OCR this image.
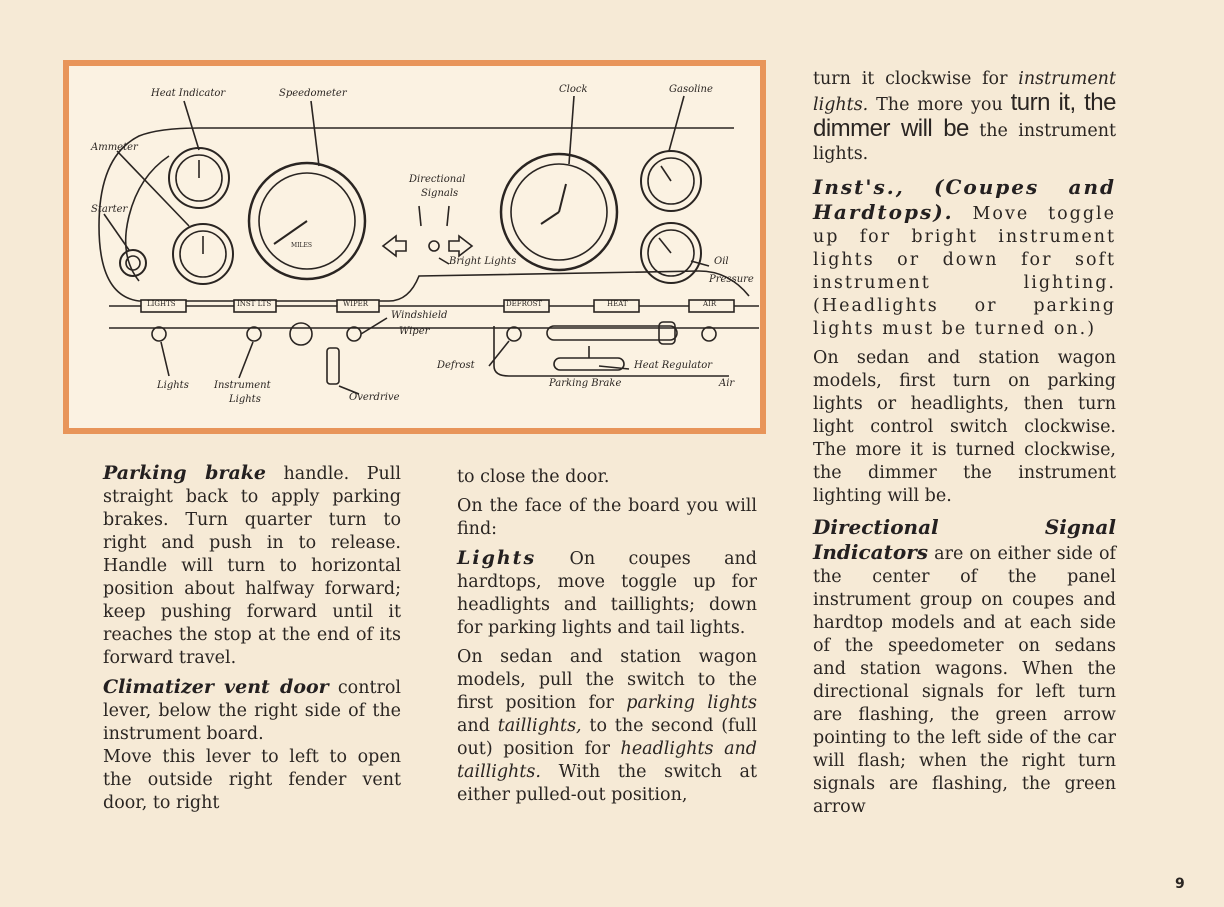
LIGHTS	INST LTS	WIPER	DEFROST	HEAT	AIR
MILES
Heat Indicator	Speedometer	Clock	Gasoline
Ammeter
Starter
Directional
Signals
Bright Lights	Oil
Pressure
Windshield
Wiper
Defrost	Heat Regulator
Parking Brake	Air
Lights	Instrument
Lights	Overdrive

Parking brake handle. Pull straight back to apply parking brakes. Turn quarter turn to right and push in to release. Handle will turn to horizontal position about halfway forward; keep pushing forward until it reaches the stop at the end of its forward travel.

Climatizer vent door control lever, below the right side of the instrument board.

Move this lever to left to open the outside right fender vent door, to right

to close the door.

On the face of the board you will find:

Lights On coupes and hardtops, move toggle up for headlights and taillights; down for parking lights and tail lights.

On sedan and station wagon models, pull the switch to the first position for parking lights and taillights, to the second (full out) position for headlights and taillights. With the switch at either pulled-out position,

turn it clockwise for instrument lights. The more you turn it, the dimmer will be the instrument lights.

Inst's., (Coupes and Hardtops). Move toggle up for bright instrument lights or down for soft instrument lighting. (Headlights or parking lights must be turned on.)

On sedan and station wagon models, first turn on parking lights or headlights, then turn light control switch clockwise. The more it is turned clockwise, the dimmer the instrument lighting will be.

Directional Signal Indicators are on either side of the center of the panel instrument group on coupes and hardtop models and at each side of the speedometer on sedans and station wagons. When the directional signals for left turn are flashing, the green arrow pointing to the left side of the car will flash; when the right turn signals are flashing, the green arrow

9
